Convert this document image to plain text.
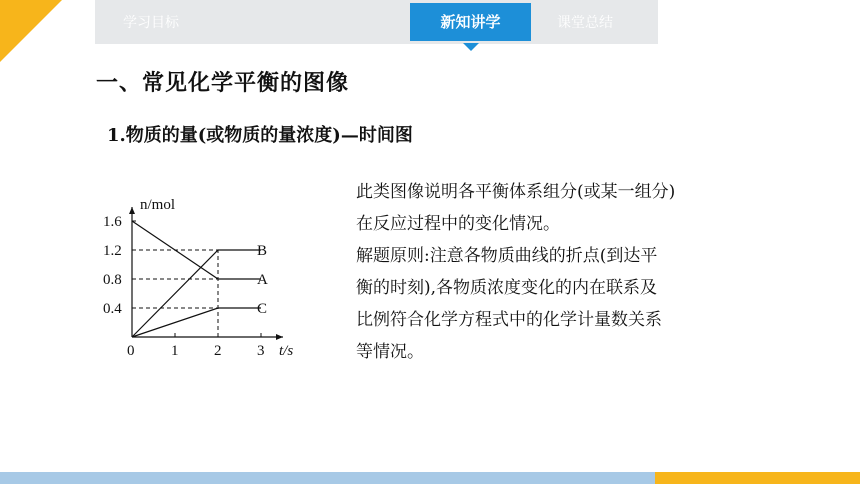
学习目标	新知讲学	课堂总结
一、常见化学平衡的图像
1.物质的量(或物质的量浓度)—时间图
0 1 2 3
0.4
0.8
1.2
1.6
n/mol
t/s
B
A
C
此类图像说明各平衡体系组分(或某一组分)
在反应过程中的变化情况。
解题原则:注意各物质曲线的折点(到达平
衡的时刻),各物质浓度变化的内在联系及
比例符合化学方程式中的化学计量数关系
等情况。
